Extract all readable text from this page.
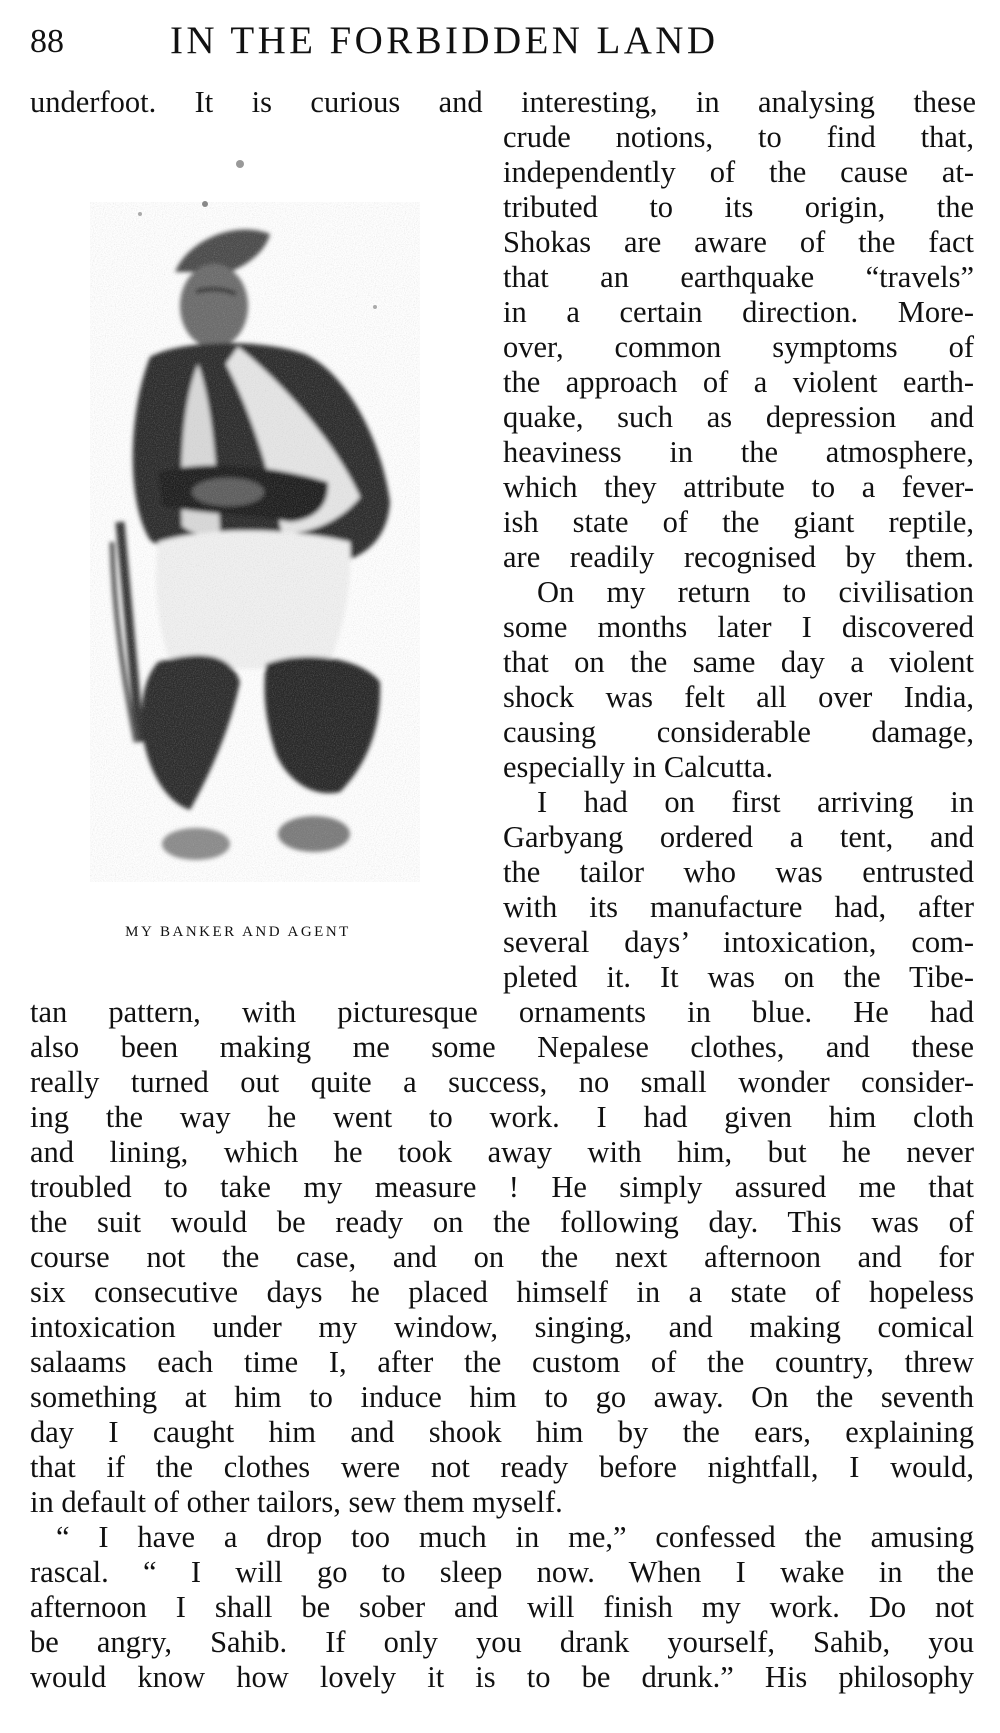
88	IN THE FORBIDDEN LAND
MY BANKER AND AGENT
underfoot. It is curious and interesting, in analysing these
crude notions, to find that,
independently of the cause at-
tributed to its origin, the
Shokas are aware of the fact
that an earthquake “travels”
in a certain direction. More-
over, common symptoms of
the approach of a violent earth-
quake, such as depression and
heaviness in the atmosphere,
which they attribute to a fever-
ish state of the giant reptile,
are readily recognised by them.
On my return to civilisation
some months later I discovered
that on the same day a violent
shock was felt all over India,
causing considerable damage,
especially in Calcutta.
I had on first arriving in
Garbyang ordered a tent, and
the tailor who was entrusted
with its manufacture had, after
several days’ intoxication, com-
pleted it. It was on the Tibe-
tan pattern, with picturesque ornaments in blue. He had
also been making me some Nepalese clothes, and these
really turned out quite a success, no small wonder consider-
ing the way he went to work. I had given him cloth
and lining, which he took away with him, but he never
troubled to take my measure ! He simply assured me that
the suit would be ready on the following day. This was of
course not the case, and on the next afternoon and for
six consecutive days he placed himself in a state of hopeless
intoxication under my window, singing, and making comical
salaams each time I, after the custom of the country, threw
something at him to induce him to go away. On the seventh
day I caught him and shook him by the ears, explaining
that if the clothes were not ready before nightfall, I would,
in default of other tailors, sew them myself.
“ I have a drop too much in me,” confessed the amusing
rascal. “ I will go to sleep now. When I wake in the
afternoon I shall be sober and will finish my work. Do not
be angry, Sahib. If only you drank yourself, Sahib, you
would know how lovely it is to be drunk.” His philosophy
